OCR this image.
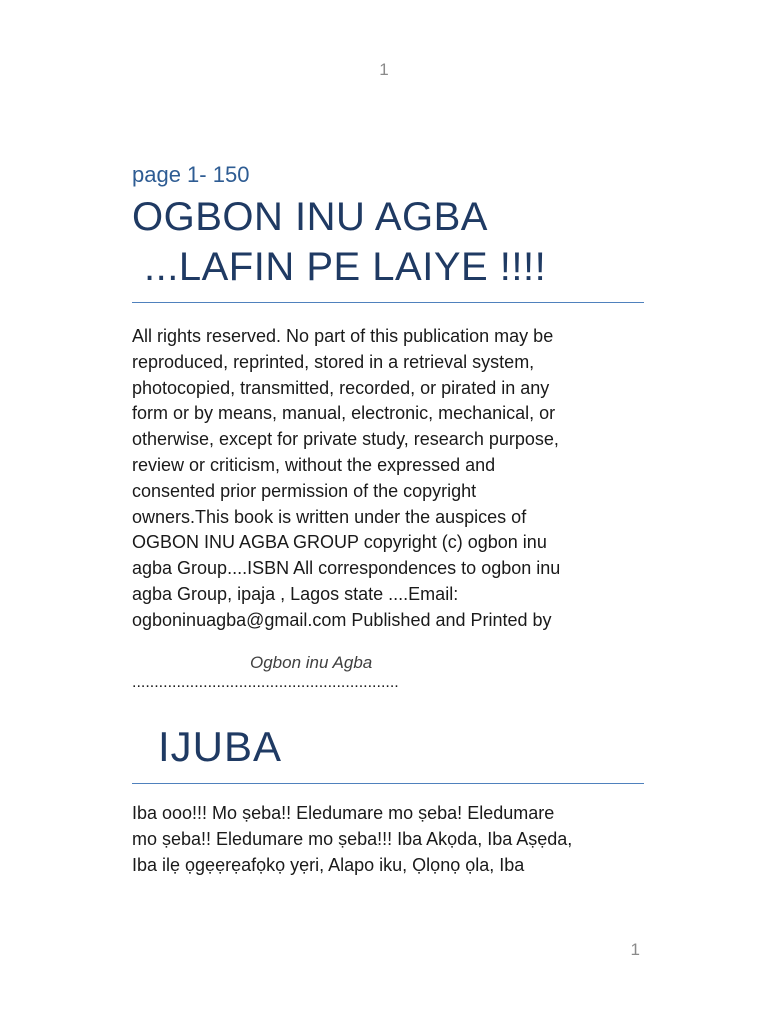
1

page 1- 150

OGBON INU AGBA
...LAFIN PE LAIYE !!!!

All rights reserved. No part of this publication may be
reproduced, reprinted, stored in a retrieval system,
photocopied, transmitted, recorded, or pirated in any
form or by means, manual, electronic, mechanical, or
otherwise, except for private study, research purpose,
review or criticism, without the expressed and
consented prior permission of the copyright
owners.This book is written under the auspices of
OGBON INU AGBA GROUP copyright (c) ogbon inu
agba Group....ISBN All correspondences to ogbon inu
agba Group, ipaja , Lagos state ....Email:
ogboninuagba@gmail.com Published and Printed by

Ogbon inu Agba

............................................................

IJUBA

Iba ooo!!! Mo ṣeba!! Eledumare mo ṣeba! Eledumare
mo ṣeba!! Eledumare mo ṣeba!!! Iba Akọda, Iba Aṣẹda,
Iba ilẹ ọgẹẹrẹafọkọ yẹri, Alapo iku, Ọlọnọ ọla, Iba

1
